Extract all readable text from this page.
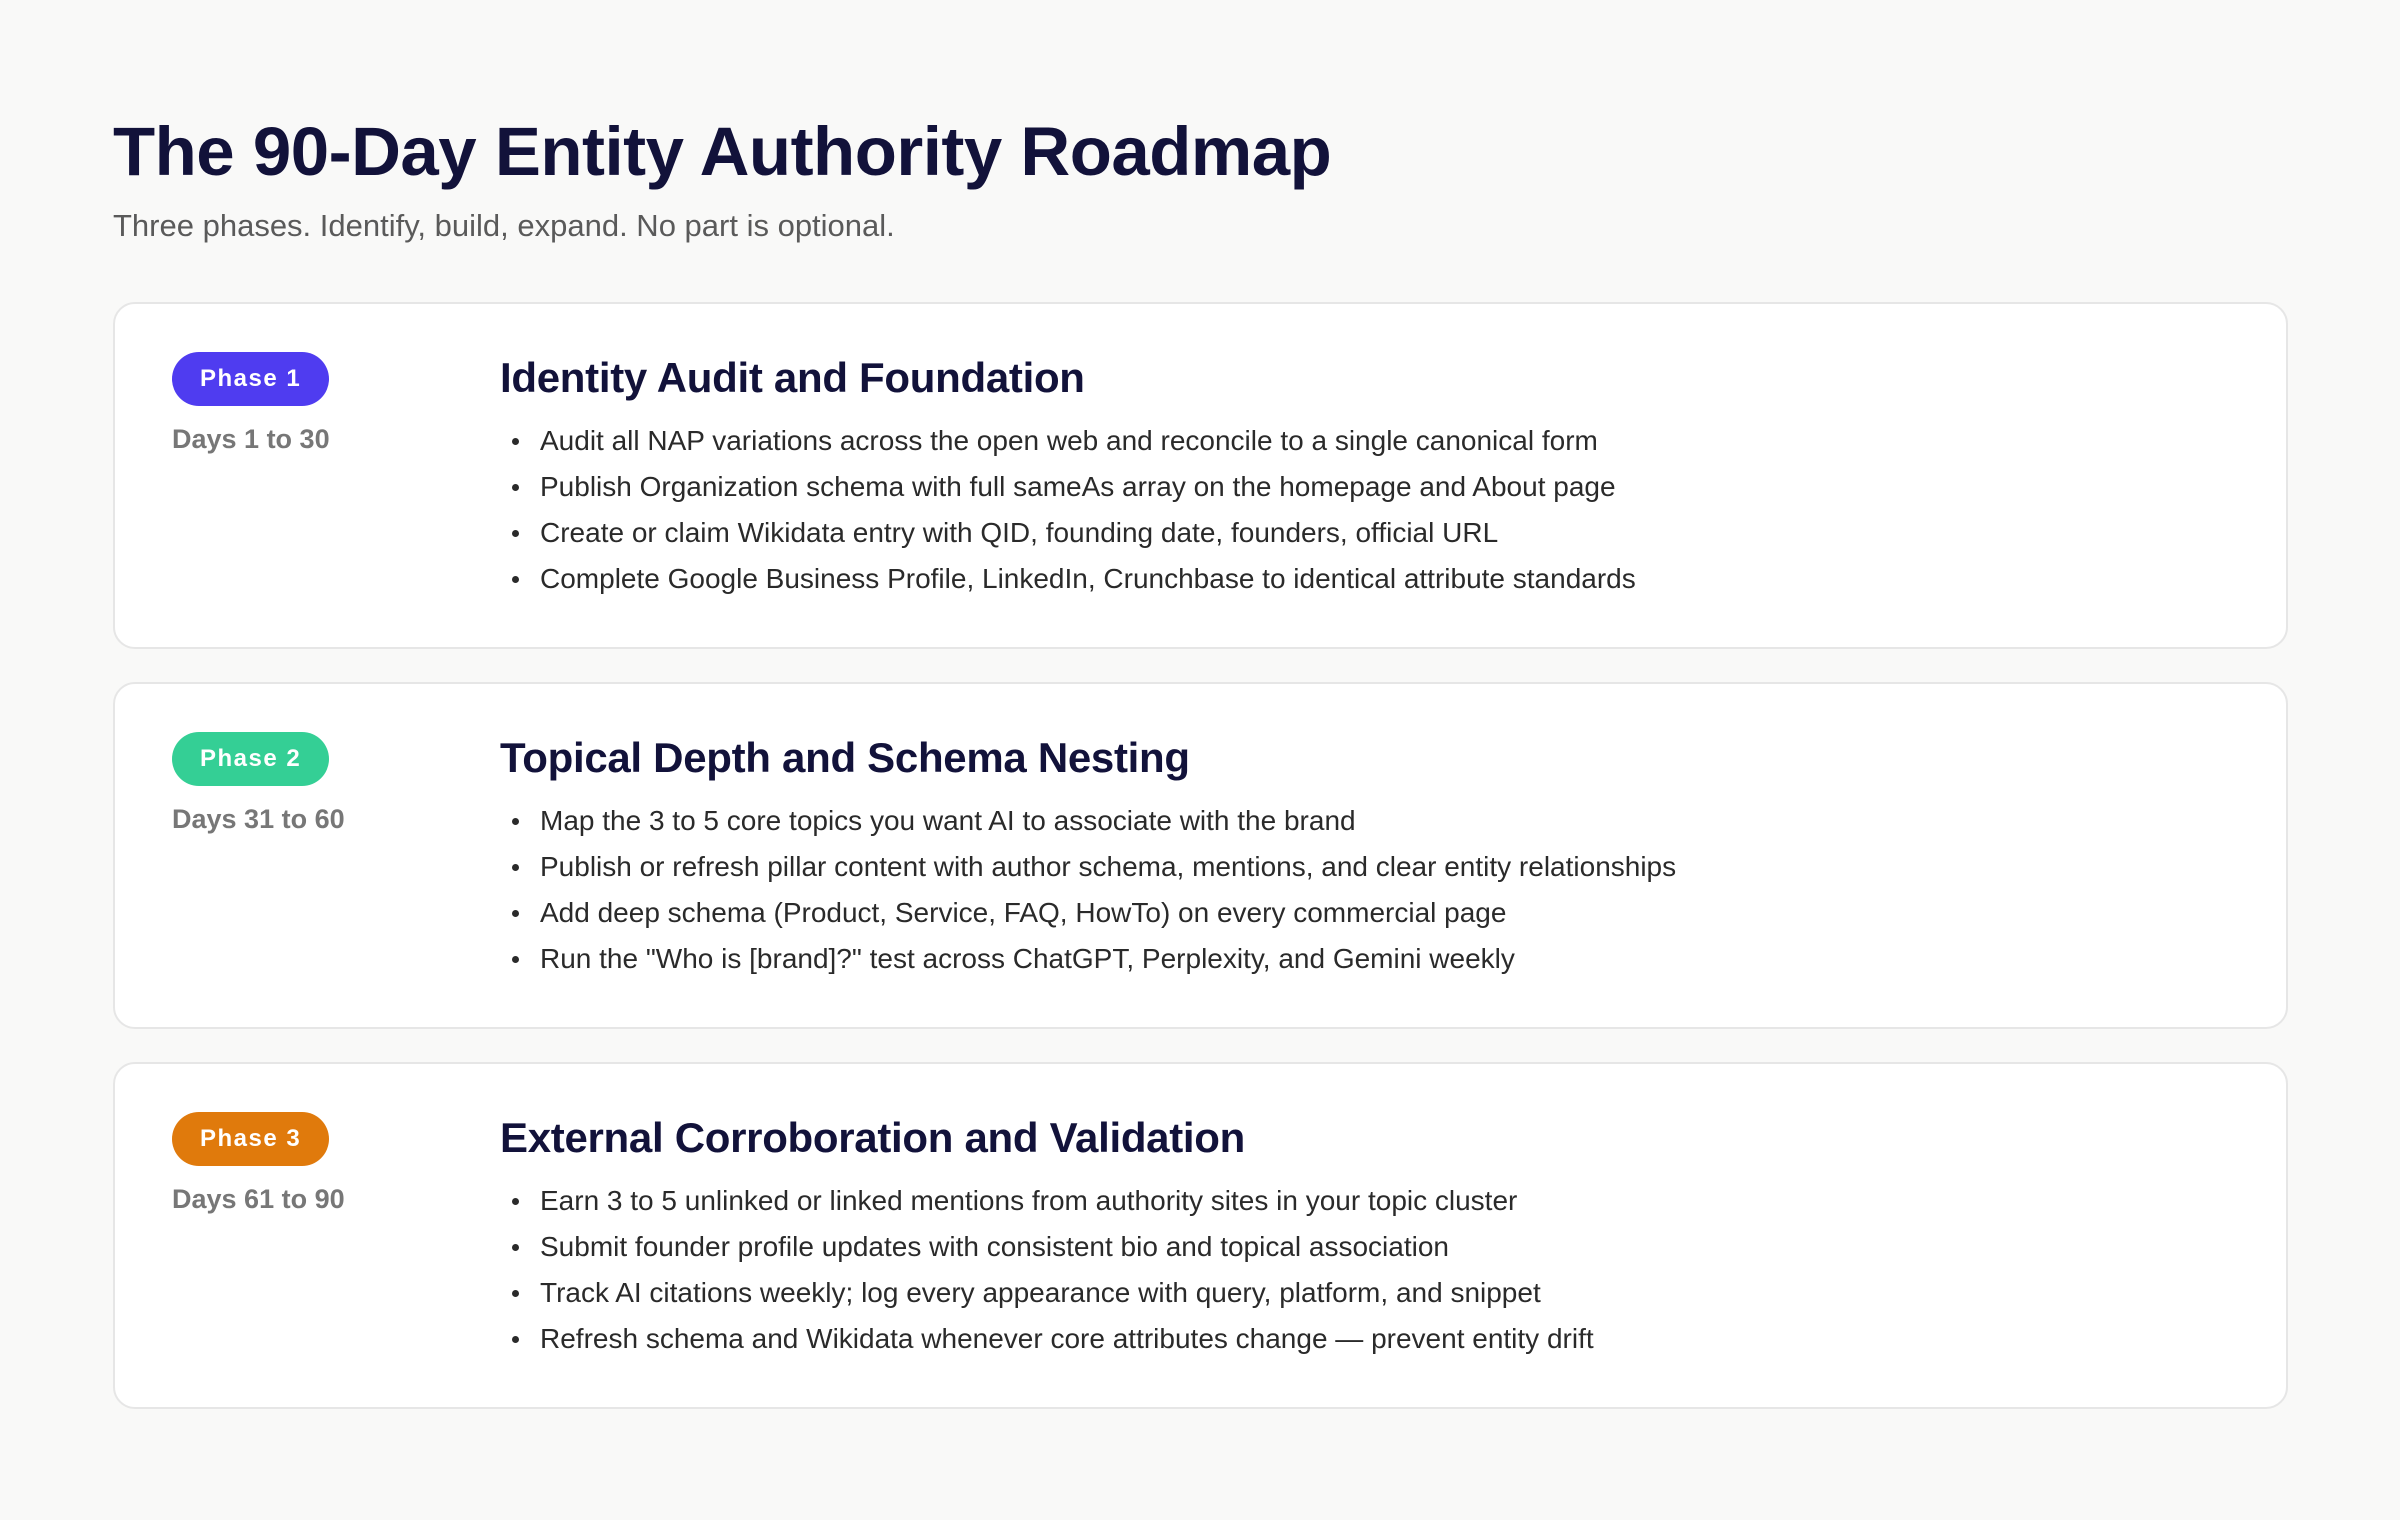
The 90-Day Entity Authority Roadmap

Three phases. Identify, build, expand. No part is optional.

Phase 1
Days 1 to 30
Identity Audit and Foundation
Audit all NAP variations across the open web and reconcile to a single canonical form
Publish Organization schema with full sameAs array on the homepage and About page
Create or claim Wikidata entry with QID, founding date, founders, official URL
Complete Google Business Profile, LinkedIn, Crunchbase to identical attribute standards
Phase 2
Days 31 to 60
Topical Depth and Schema Nesting
Map the 3 to 5 core topics you want AI to associate with the brand
Publish or refresh pillar content with author schema, mentions, and clear entity relationships
Add deep schema (Product, Service, FAQ, HowTo) on every commercial page
Run the "Who is [brand]?" test across ChatGPT, Perplexity, and Gemini weekly
Phase 3
Days 61 to 90
External Corroboration and Validation
Earn 3 to 5 unlinked or linked mentions from authority sites in your topic cluster
Submit founder profile updates with consistent bio and topical association
Track AI citations weekly; log every appearance with query, platform, and snippet
Refresh schema and Wikidata whenever core attributes change — prevent entity drift
